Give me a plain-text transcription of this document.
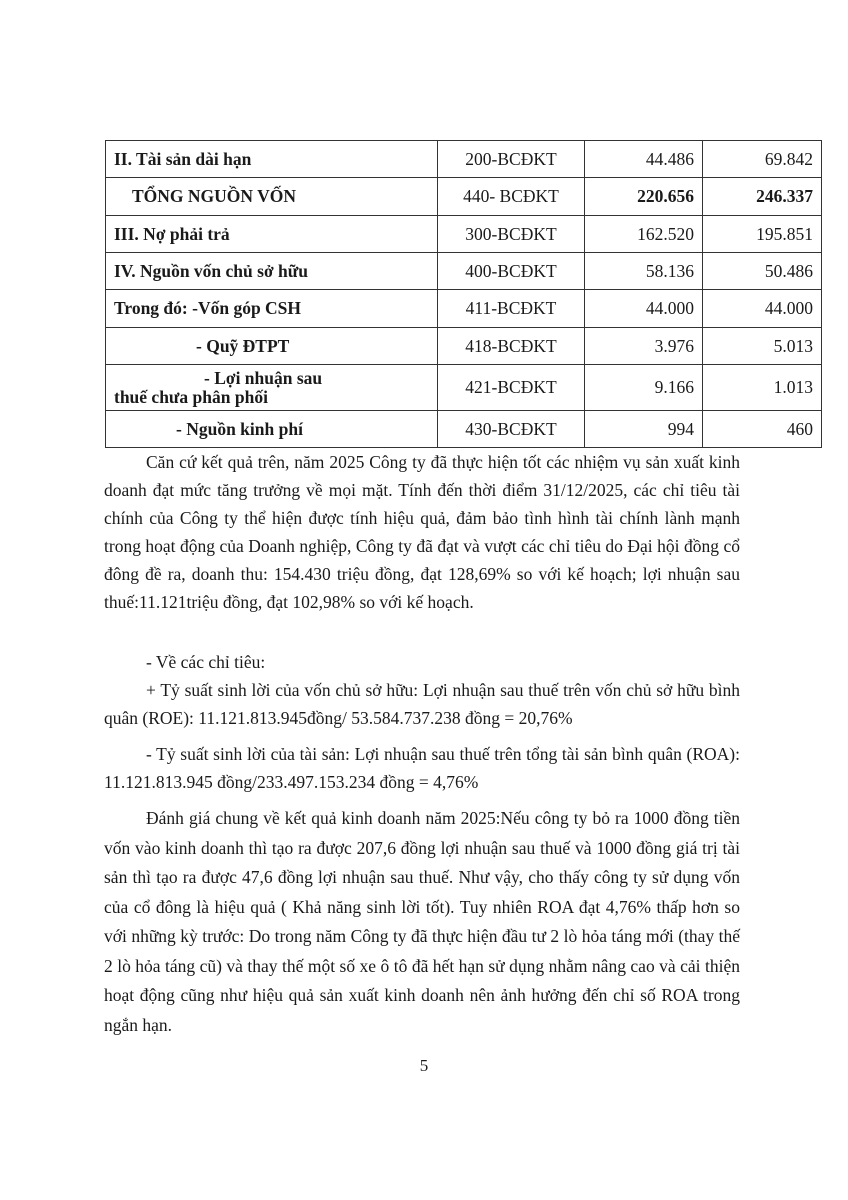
II. Tài sản dài hạn	200-BCĐKT	44.486	69.842
TỔNG NGUỒN VỐN	440- BCĐKT	220.656	246.337
III. Nợ phải trả	300-BCĐKT	162.520	195.851
IV. Nguồn vốn chủ sở hữu	400-BCĐKT	58.136	50.486
Trong đó: -Vốn góp CSH	411-BCĐKT	44.000	44.000
- Quỹ ĐTPT	418-BCĐKT	3.976	5.013

- Lợi nhuận sau
thuế chưa phân phối	421-BCĐKT	9.166	1.013
- Nguồn kinh phí	430-BCĐKT	994	460

Căn cứ kết quả trên, năm 2025 Công ty đã thực hiện tốt các nhiệm vụ sản xuất kinh doanh đạt mức tăng trưởng về mọi mặt. Tính đến thời điểm 31/12/2025, các chỉ tiêu tài chính của Công ty thể hiện được tính hiệu quả, đảm bảo tình hình tài chính lành mạnh trong hoạt động của Doanh nghiệp, Công ty đã đạt và vượt các chỉ tiêu do Đại hội đồng cổ đông đề ra, doanh thu: 154.430 triệu đồng, đạt 128,69% so với kế hoạch; lợi nhuận sau thuế:11.121triệu đồng, đạt 102,98% so với kế hoạch.

- Về các chỉ tiêu:

+ Tỷ suất sinh lời của vốn chủ sở hữu: Lợi nhuận sau thuế trên vốn chủ sở hữu bình quân (ROE): 11.121.813.945đồng/ 53.584.737.238 đồng = 20,76%

- Tỷ suất sinh lời của tài sản: Lợi nhuận sau thuế trên tổng tài sản bình quân (ROA): 11.121.813.945 đồng/233.497.153.234 đồng = 4,76%

Đánh giá chung về kết quả kinh doanh năm 2025:Nếu công ty bỏ ra 1000 đồng tiền vốn vào kinh doanh thì tạo ra được 207,6 đồng lợi nhuận sau thuế và 1000 đồng giá trị tài sản thì tạo ra được 47,6 đồng lợi nhuận sau thuế. Như vậy, cho thấy công ty sử dụng vốn của cổ đông là hiệu quả ( Khả năng sinh lời tốt). Tuy nhiên ROA đạt 4,76% thấp hơn so với những kỳ trước: Do trong năm Công ty đã thực hiện đầu tư 2 lò hỏa táng mới (thay thế 2 lò hỏa táng cũ) và thay thế một số xe ô tô đã hết hạn sử dụng nhằm nâng cao và cải thiện hoạt động cũng như hiệu quả sản xuất kinh doanh nên ảnh hưởng đến chỉ số ROA trong ngắn hạn.

5
